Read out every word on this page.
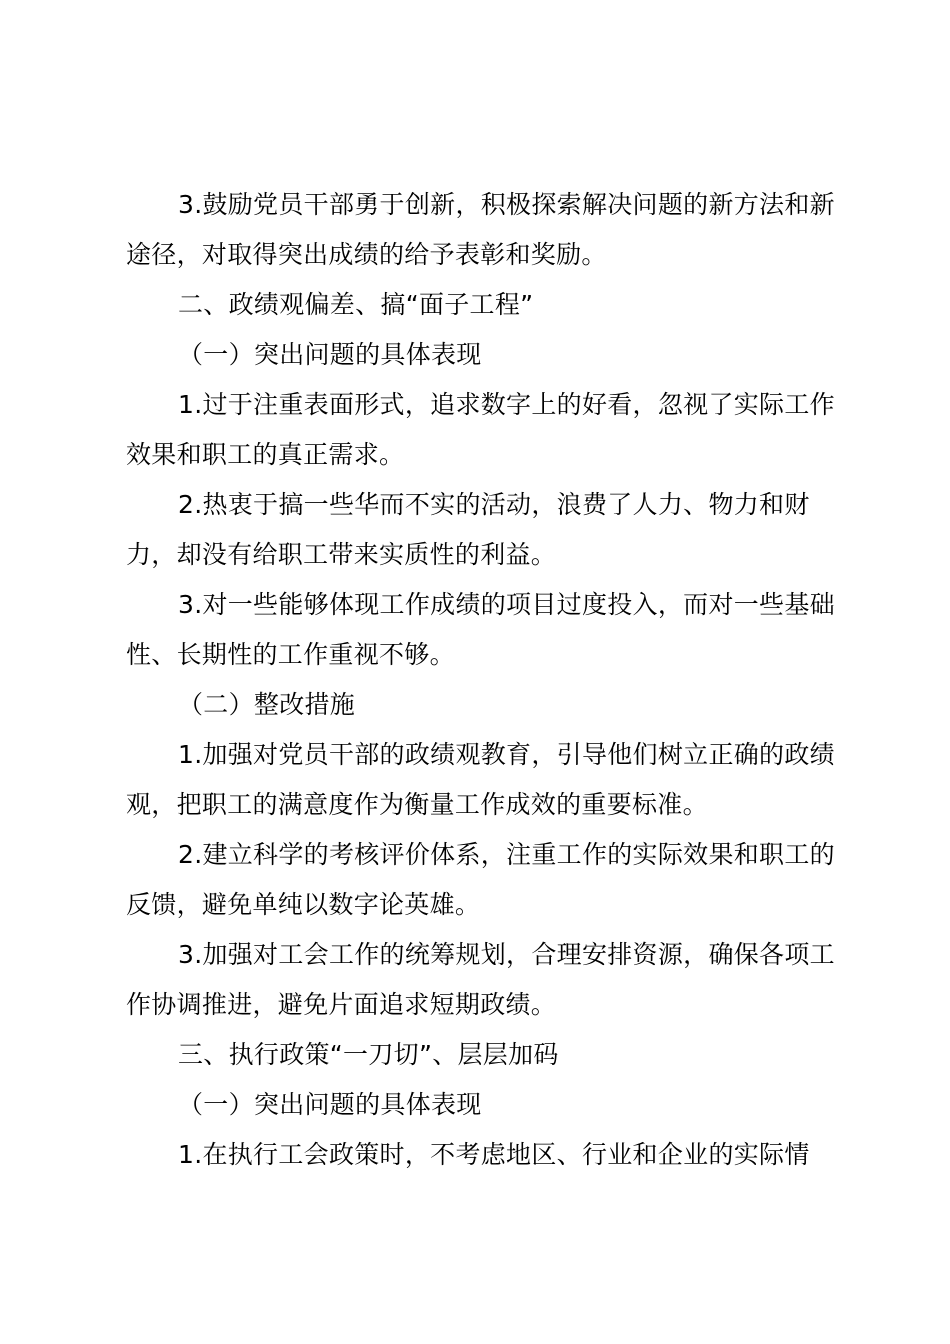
3.鼓励党员干部勇于创新，积极探索解决问题的新方法和新途径，对取得突出成绩的给予表彰和奖励。

二、政绩观偏差、搞“面子工程”

（一）突出问题的具体表现

1.过于注重表面形式，追求数字上的好看，忽视了实际工作效果和职工的真正需求。

2.热衷于搞一些华而不实的活动，浪费了人力、物力和财力，却没有给职工带来实质性的利益。

3.对一些能够体现工作成绩的项目过度投入，而对一些基础性、长期性的工作重视不够。

（二）整改措施

1.加强对党员干部的政绩观教育，引导他们树立正确的政绩观，把职工的满意度作为衡量工作成效的重要标准。

2.建立科学的考核评价体系，注重工作的实际效果和职工的反馈，避免单纯以数字论英雄。

3.加强对工会工作的统筹规划，合理安排资源，确保各项工作协调推进，避免片面追求短期政绩。

三、执行政策“一刀切”、层层加码

（一）突出问题的具体表现

1.在执行工会政策时，不考虑地区、行业和企业的实际情
